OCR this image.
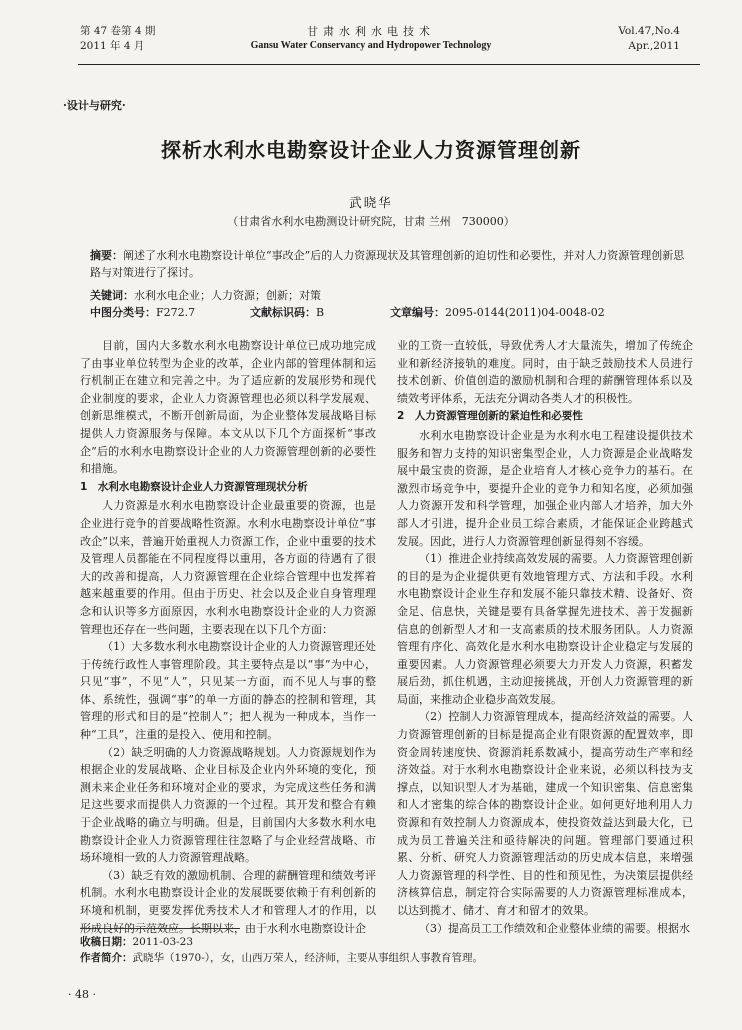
第 47 卷第 4 期
2011 年 4 月
甘肃水利水电技术
Gansu Water Conservancy and Hydropower Technology
Vol.47,No.4
Apr.,2011
·设计与研究·
探析水利水电勘察设计企业人力资源管理创新
武晓华
（甘肃省水利水电勘测设计研究院，甘肃 兰州　730000）
摘要：阐述了水利水电勘察设计单位“事改企”后的人力资源现状及其管理创新的迫切性和必要性，并对人力资源管理创新思路与对策进行了探讨。
关键词：水利水电企业；人力资源；创新；对策
中图分类号：F272.7	文献标识码：B	文章编号：2095-0144(2011)04-0048-02

目前，国内大多数水利水电勘察设计单位已成功地完成了由事业单位转型为企业的改革，企业内部的管理体制和运行机制正在建立和完善之中。为了适应新的发展形势和现代企业制度的要求，企业人力资源管理也必须以科学发展观、创新思维模式，不断开创新局面，为企业整体发展战略目标提供人力资源服务与保障。本文从以下几个方面探析“事改企”后的水利水电勘察设计企业的人力资源管理创新的必要性和措施。

1　水利水电勘察设计企业人力资源管理现状分析

人力资源是水利水电勘察设计企业最重要的资源，也是企业进行竞争的首要战略性资源。水利水电勘察设计单位“事改企”以来，普遍开始重视人力资源工作，企业中重要的技术及管理人员都能在不同程度得以重用，各方面的待遇有了很大的改善和提高，人力资源管理在企业综合管理中也发挥着越来越重要的作用。但由于历史、社会以及企业自身管理理念和认识等多方面原因，水利水电勘察设计企业的人力资源管理也还存在一些问题，主要表现在以下几个方面：

（1）大多数水利水电勘察设计企业的人力资源管理还处于传统行政性人事管理阶段。其主要特点是以“事”为中心，只见“事”，不见“人”，只见某一方面，而不见人与事的整体、系统性，强调“事”的单一方面的静态的控制和管理，其管理的形式和目的是“控制人”；把人视为一种成本，当作一种“工具”，注重的是投入、使用和控制。

（2）缺乏明确的人力资源战略规划。人力资源规划作为根据企业的发展战略、企业目标及企业内外环境的变化，预测未来企业任务和环境对企业的要求，为完成这些任务和满足这些要求而提供人力资源的一个过程。其开发和整合有赖于企业战略的确立与明确。但是，目前国内大多数水利水电勘察设计企业人力资源管理往往忽略了与企业经营战略、市场环境相一致的人力资源管理战略。

（3）缺乏有效的激励机制、合理的薪酬管理和绩效考评机制。水利水电勘察设计企业的发展既要依赖于有利创新的环境和机制，更要发挥优秀技术人才和管理人才的作用，以形成良好的示范效应。长期以来，由于水利水电勘察设计企

业的工资一直较低，导致优秀人才大量流失，增加了传统企业和新经济接轨的难度。同时，由于缺乏鼓励技术人员进行技术创新、价值创造的激励机制和合理的薪酬管理体系以及绩效考评体系，无法充分调动各类人才的积极性。

2　人力资源管理创新的紧迫性和必要性

水利水电勘察设计企业是为水利水电工程建设提供技术服务和智力支持的知识密集型企业，人力资源是企业战略发展中最宝贵的资源，是企业培育人才核心竞争力的基石。在激烈市场竞争中，要提升企业的竞争力和知名度，必须加强人力资源开发和科学管理，加强企业内部人才培养，加大外部人才引进，提升企业员工综合素质，才能保证企业跨越式发展。因此，进行人力资源管理创新显得刻不容缓。

（1）推进企业持续高效发展的需要。人力资源管理创新的目的是为企业提供更有效地管理方式、方法和手段。水利水电勘察设计企业生存和发展不能只靠技术精、设备好、资金足、信息快，关键是要有具备掌握先进技术、善于发掘新信息的创新型人才和一支高素质的技术服务团队。人力资源管理有序化、高效化是水利水电勘察设计企业稳定与发展的重要因素。人力资源管理必须要大力开发人力资源，积蓄发展后劲，抓住机遇，主动迎接挑战，开创人力资源管理的新局面，来推动企业稳步高效发展。

（2）控制人力资源管理成本，提高经济效益的需要。人力资源管理创新的目标是提高企业有限资源的配置效率，即资金周转速度快、资源消耗系数减小，提高劳动生产率和经济效益。对于水利水电勘察设计企业来说，必须以科技为支撑点，以知识型人才为基础，建成一个知识密集、信息密集和人才密集的综合体的勘察设计企业。如何更好地利用人力资源和有效控制人力资源成本，使投资效益达到最大化，已成为员工普遍关注和亟待解决的问题。管理部门要通过积累、分析、研究人力资源管理活动的历史成本信息，来增强人力资源管理的科学性、目的性和预见性，为决策层提供经济核算信息，制定符合实际需要的人力资源管理标准成本，以达到揽才、储才、育才和留才的效果。

（3）提高员工工作绩效和企业整体业绩的需要。根据水

收稿日期：2011-03-23
作者简介：武晓华（1970-），女，山西万荣人，经济师，主要从事组织人事教育管理。
· 48 ·
